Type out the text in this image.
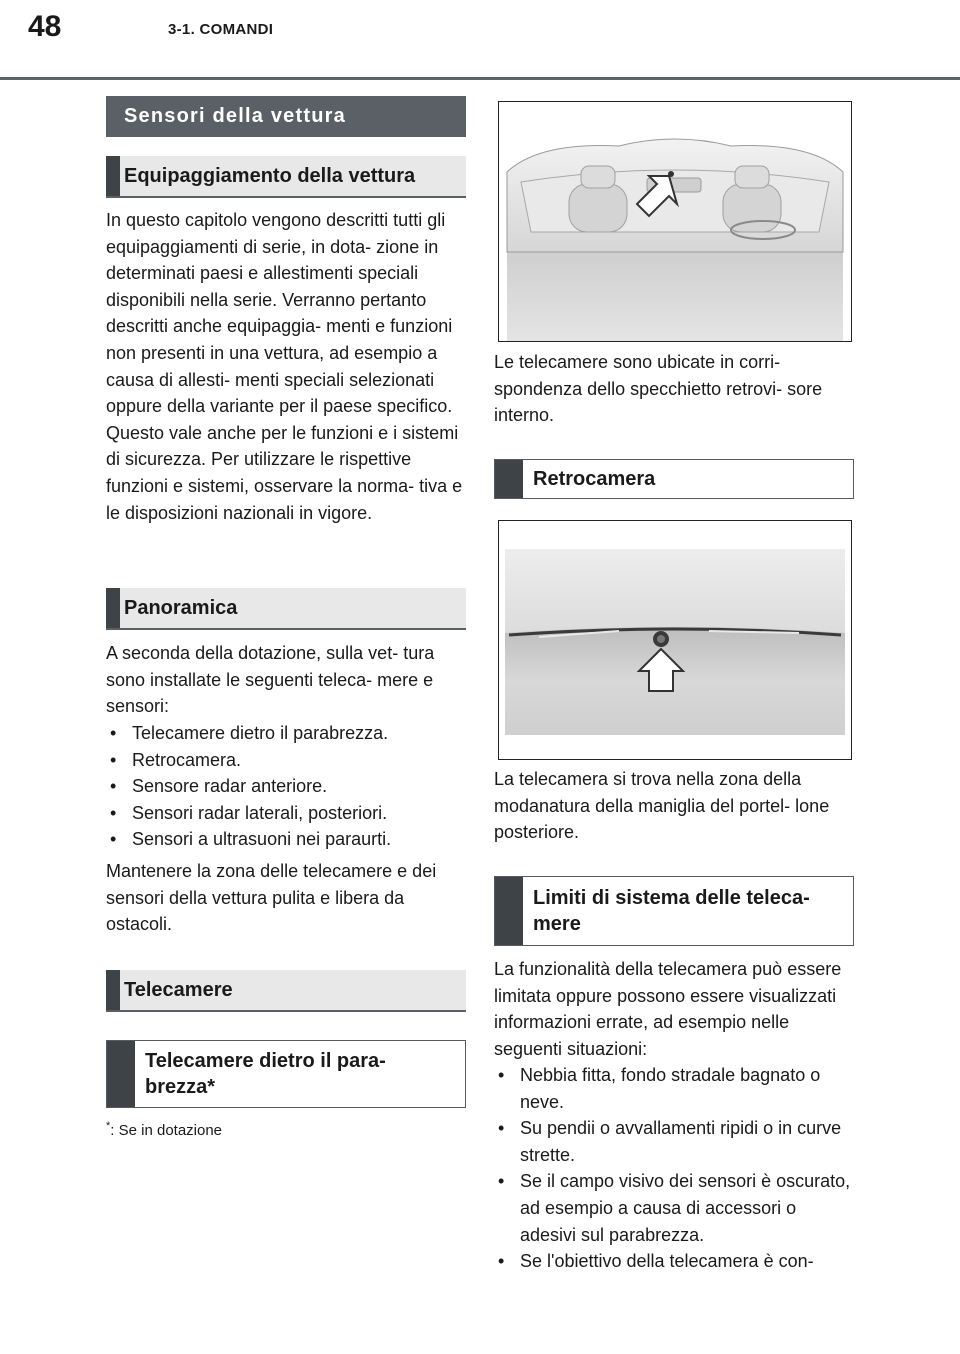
48	3-1. COMANDI
Sensori della vettura
Equipaggiamento della vettura

In questo capitolo vengono descritti tutti gli equipaggiamenti di serie, in dota- zione in determinati paesi e allestimenti speciali disponibili nella serie. Verranno pertanto descritti anche equipaggia- menti e funzioni non presenti in una vettura, ad esempio a causa di allesti- menti speciali selezionati oppure della variante per il paese specifico. Questo vale anche per le funzioni e i sistemi di sicurezza. Per utilizzare le rispettive funzioni e sistemi, osservare la norma- tiva e le disposizioni nazionali in vigore.

Panoramica

A seconda della dotazione, sulla vet- tura sono installate le seguenti teleca- mere e sensori:

• Telecamere dietro il parabrezza.
• Retrocamera.
• Sensore radar anteriore.
• Sensori radar laterali, posteriori.
• Sensori a ultrasuoni nei paraurti.

Mantenere la zona delle telecamere e dei sensori della vettura pulita e libera da ostacoli.

Telecamere
Telecamere dietro il para- brezza*
*: Se in dotazione

Le telecamere sono ubicate in corri- spondenza dello specchietto retrovi- sore interno.

Retrocamera

La telecamera si trova nella zona della modanatura della maniglia del portel- lone posteriore.

Limiti di sistema delle teleca- mere

La funzionalità della telecamera può essere limitata oppure possono essere visualizzati informazioni errate, ad esempio nelle seguenti situazioni:

• Nebbia fitta, fondo stradale bagnato o neve.
• Su pendii o avvallamenti ripidi o in curve strette.
• Se il campo visivo dei sensori è oscurato, ad esempio a causa di accessori o adesivi sul parabrezza.
• Se l'obiettivo della telecamera è con-
